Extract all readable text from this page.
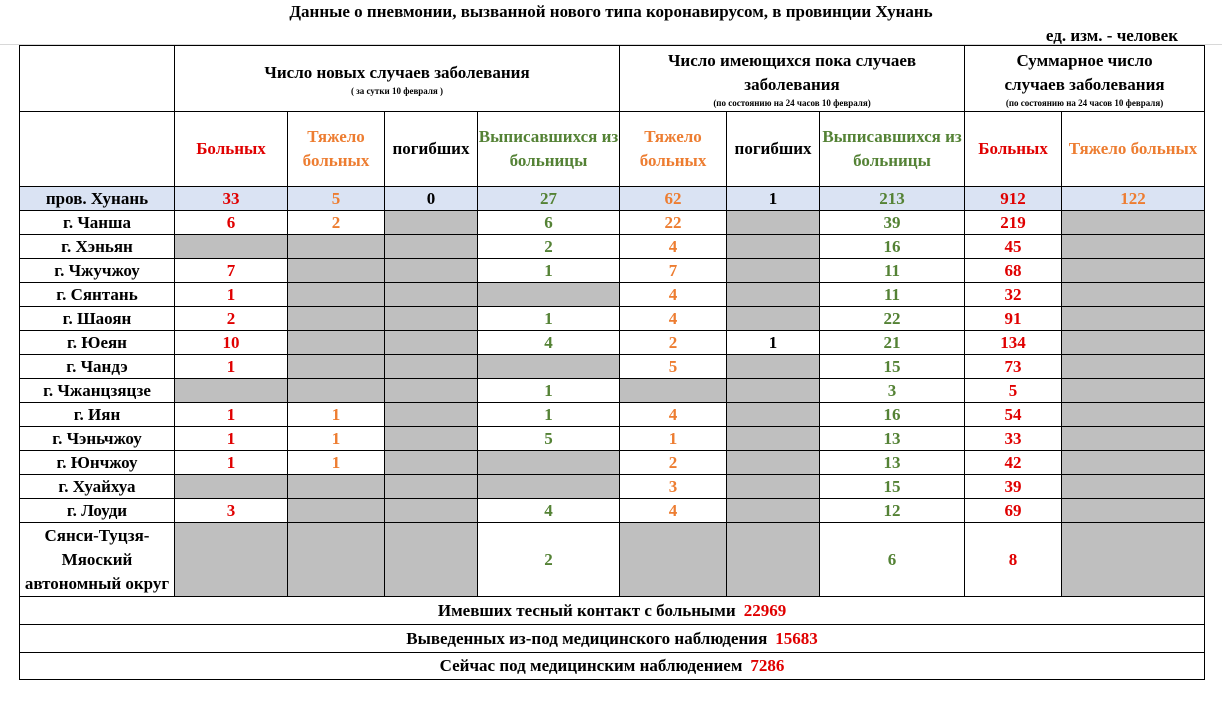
Данные о пневмонии, вызванной нового типа коронавирусом, в провинции Хунань
ед. изм. - человек
	Число новых случаев заболевания
( за сутки 10 февраля )				Число имеющихся пока случаев заболевания
(по состоянию на 24 часов 10 февраля)			Суммарное число случаев заболевания
(по состоянию на 24 часов 10 февраля)	

	Больных	Тяжело больных	погибших	Выписавшихся из больницы	Тяжело больных	погибших	Выписавшихся из больницы	Больных	Тяжело больных
пров. Хунань	33	5	0	27	62	1	213	912	122
г. Чанша	6	2		6	22		39	219	
г. Хэньян				2	4		16	45	
г. Чжучжоу	7			1	7		11	68	
г. Сянтань	1				4		11	32	
г. Шаоян	2			1	4		22	91	
г. Юеян	10			4	2	1	21	134	
г. Чандэ	1				5		15	73	
г. Чжанцзяцзе				1			3	5	
г. Иян	1	1		1	4		16	54	
г. Чэньчжоу	1	1		5	1		13	33	
г. Юнчжоу	1	1			2		13	42	
г. Хуайхуа					3		15	39	
г. Лоуди	3			4	4		12	69	
Сянси-Туцзя-Мяоский автономный округ				2			6	8	
Имевших тесный контакт с больными 22969									
Выведенных из-под медицинского наблюдения 15683									
Сейчас под медицинским наблюдением 7286									
